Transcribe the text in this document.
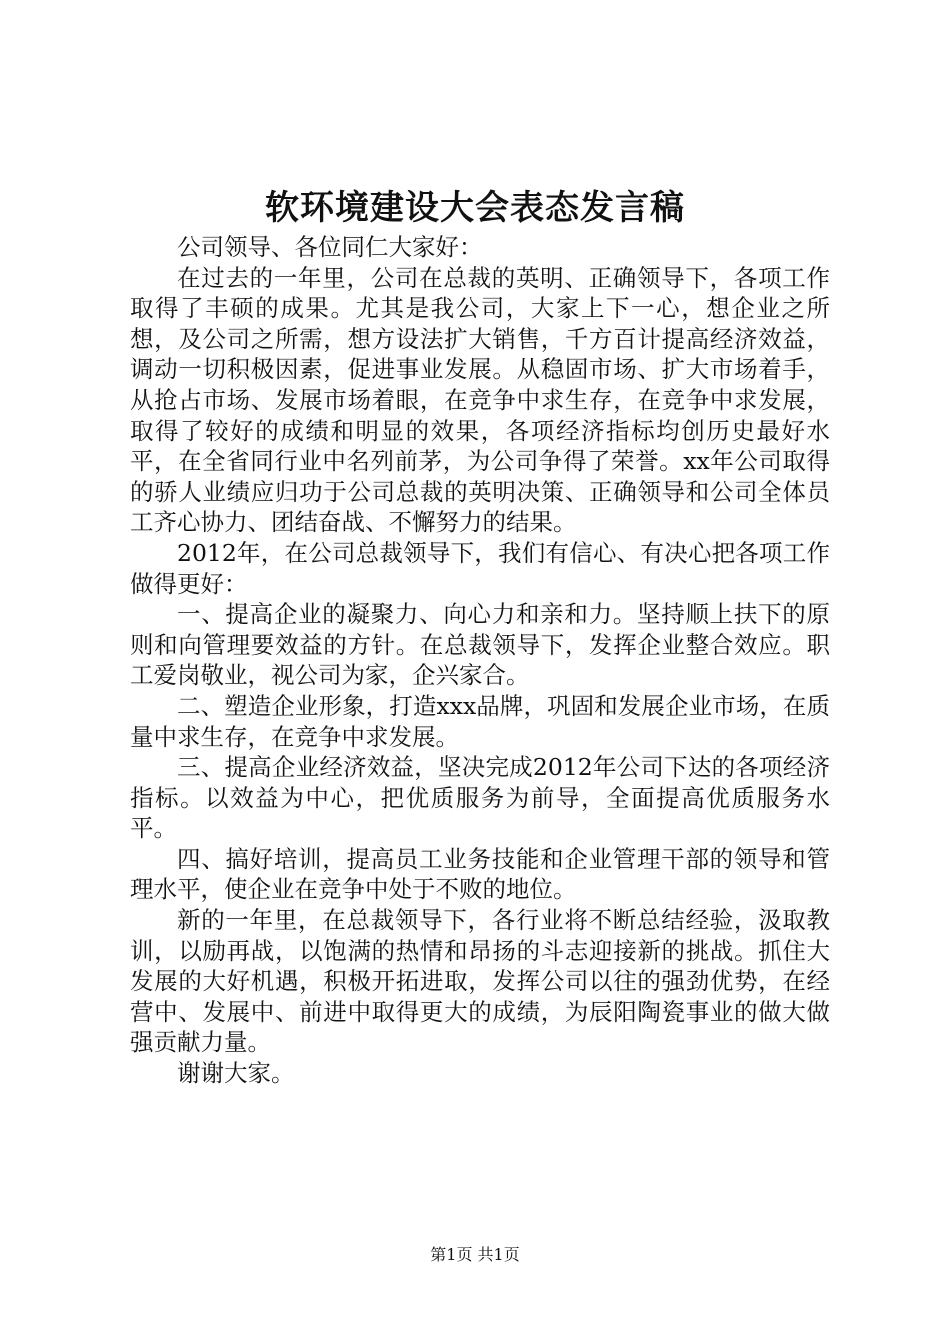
软环境建设大会表态发言稿

公司领导、各位同仁大家好：

在过去的一年里，公司在总裁的英明、正确领导下，各项工作取得了丰硕的成果。尤其是我公司，大家上下一心，想企业之所想，及公司之所需，想方设法扩大销售，千方百计提高经济效益，调动一切积极因素，促进事业发展。从稳固市场、扩大市场着手，从抢占市场、发展市场着眼，在竞争中求生存，在竞争中求发展，取得了较好的成绩和明显的效果，各项经济指标均创历史最好水平，在全省同行业中名列前茅，为公司争得了荣誉。xx年公司取得的骄人业绩应归功于公司总裁的英明决策、正确领导和公司全体员工齐心协力、团结奋战、不懈努力的结果。

2012年，在公司总裁领导下，我们有信心、有决心把各项工作做得更好：

一、提高企业的凝聚力、向心力和亲和力。坚持顺上扶下的原则和向管理要效益的方针。在总裁领导下，发挥企业整合效应。职工爱岗敬业，视公司为家，企兴家合。

二、塑造企业形象，打造xxx品牌，巩固和发展企业市场，在质量中求生存，在竞争中求发展。

三、提高企业经济效益，坚决完成2012年公司下达的各项经济指标。以效益为中心，把优质服务为前导，全面提高优质服务水平。

四、搞好培训，提高员工业务技能和企业管理干部的领导和管理水平，使企业在竞争中处于不败的地位。

新的一年里，在总裁领导下，各行业将不断总结经验，汲取教训，以励再战，以饱满的热情和昂扬的斗志迎接新的挑战。抓住大发展的大好机遇，积极开拓进取，发挥公司以往的强劲优势，在经营中、发展中、前进中取得更大的成绩，为辰阳陶瓷事业的做大做强贡献力量。

谢谢大家。

第1页 共1页
